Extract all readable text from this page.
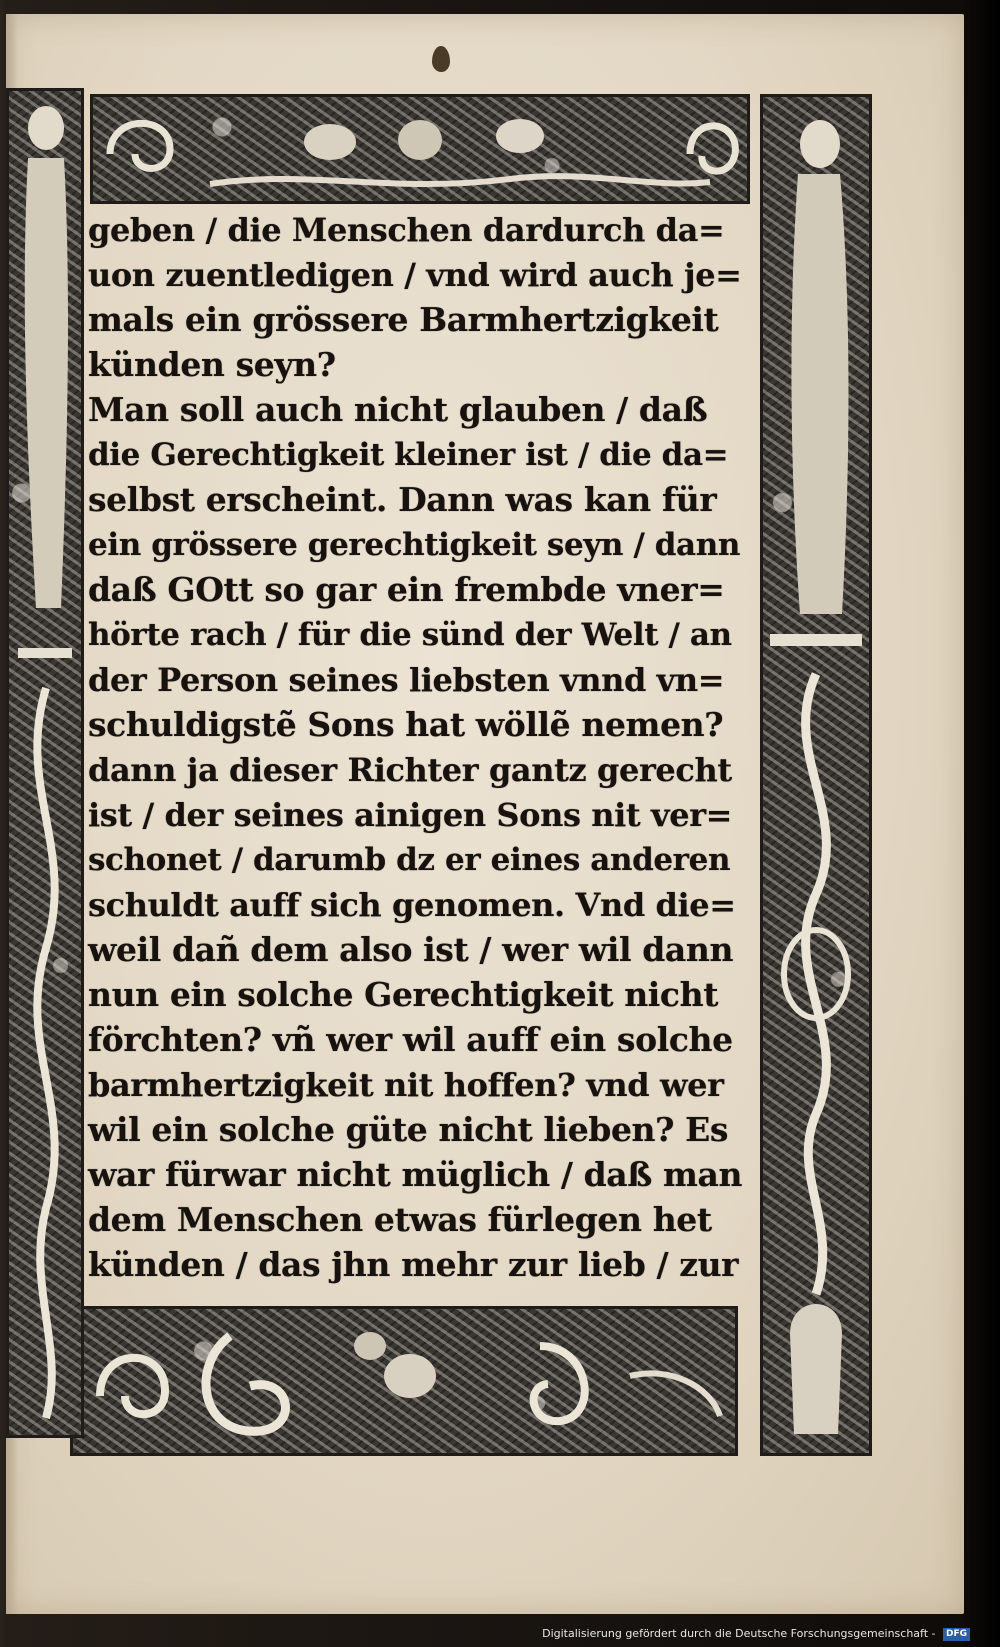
geben / die Menschen dardurch da=
uon zuentledigen / vnd wird auch je=
mals ein grössere Barmhertzigkeit
künden seyn?
Man soll auch nicht glauben / daß
die Gerechtigkeit kleiner ist / die da=
selbst erscheint. Dann was kan für
ein grössere gerechtigkeit seyn / dann
daß GOtt so gar ein frembde vner=
hörte rach / für die sünd der Welt / an
der Person seines liebsten vnnd vn=
schuldigstẽ Sons hat wöllẽ nemen?
dann ja dieser Richter gantz gerecht
ist / der seines ainigen Sons nit ver=
schonet / darumb dz er eines anderen
schuldt auff sich genomen. Vnd die=
weil dañ dem also ist / wer wil dann
nun ein solche Gerechtigkeit nicht
förchten? vñ wer wil auff ein solche
barmhertzigkeit nit hoffen? vnd wer
wil ein solche güte nicht lieben? Es
war fürwar nicht müglich / daß man
dem Menschen etwas fürlegen het
künden / das jhn mehr zur lieb / zur
Digitalisierung gefördert durch die Deutsche Forschungsgemeinschaft - DFG
